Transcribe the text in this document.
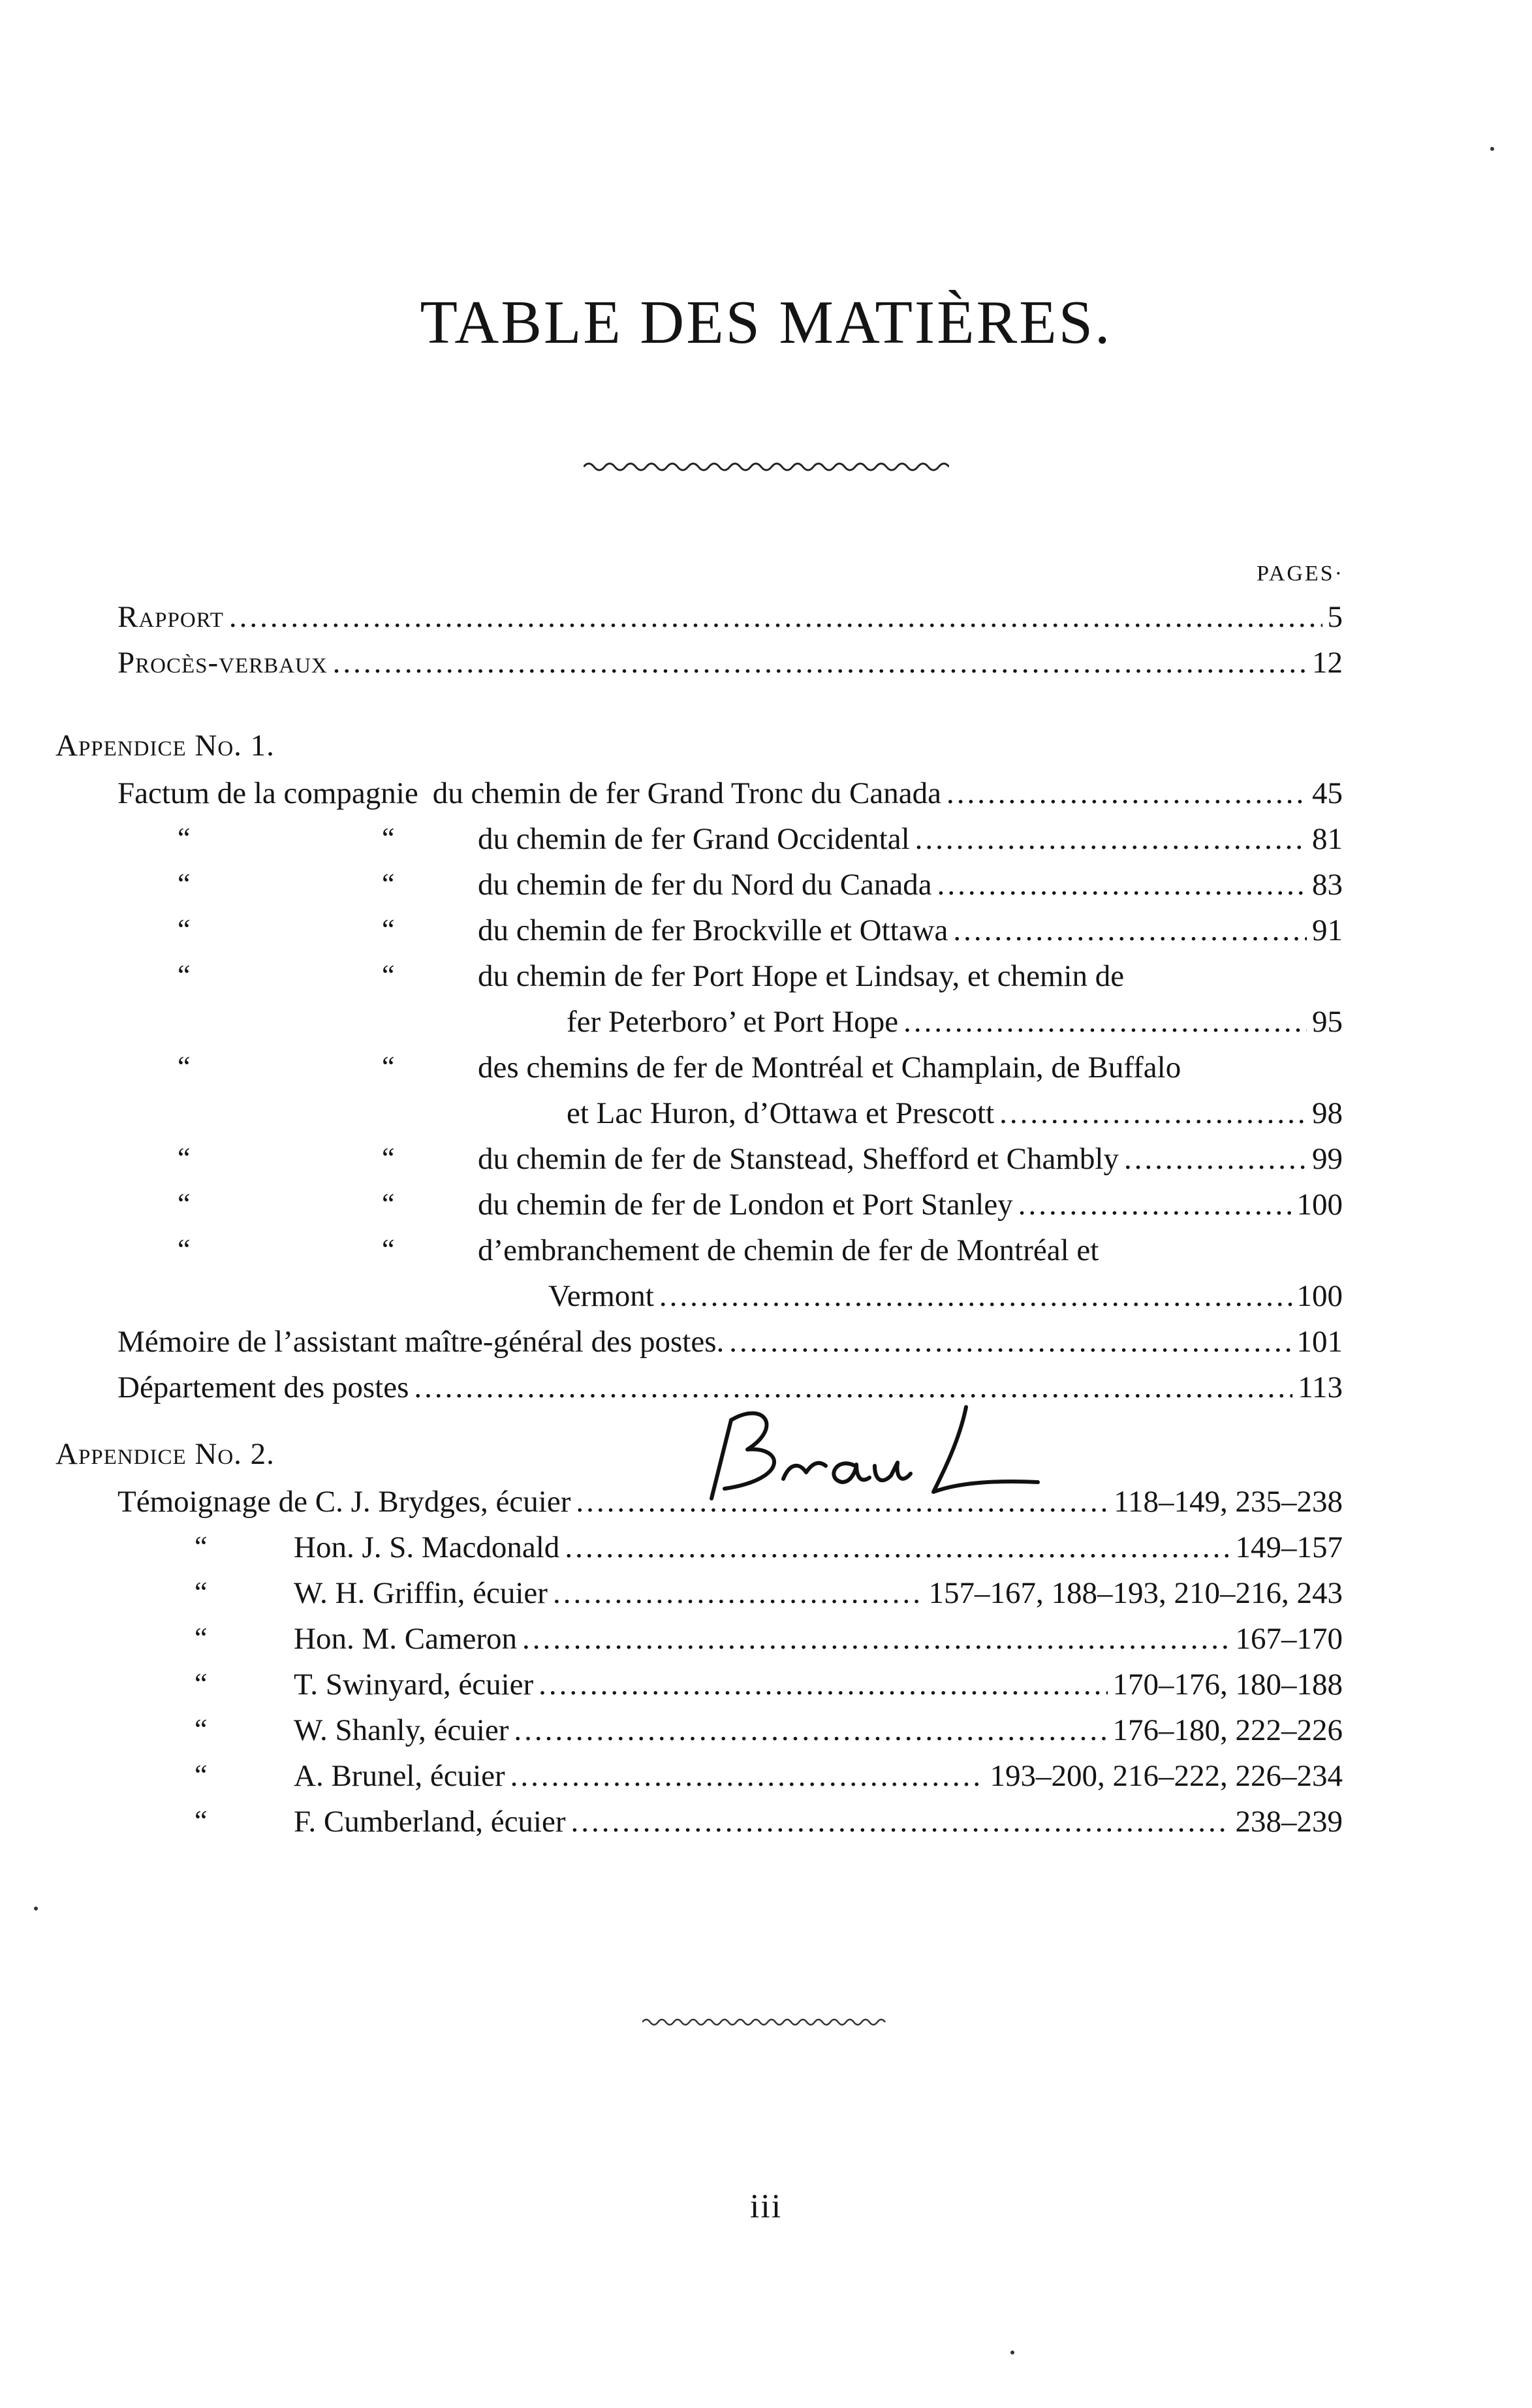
TABLE DES MATIÈRES.
PAGES·
Rapport .....	5
Procès-verbaux .....	12
Appendice No. 1.
Factum de la compagnie du chemin de fer Grand Tronc du Canada .....	45
“	“	du chemin de fer Grand Occidental .....	81
“	“	du chemin de fer du Nord du Canada .....	83
“	“	du chemin de fer Brockville et Ottawa .....	91
“	“	du chemin de fer Port Hope et Lindsay, et chemin de
fer Peterboro’ et Port Hope .....	95
“	“	des chemins de fer de Montréal et Champlain, de Buffalo
et Lac Huron, d’Ottawa et Prescott .....	98
“	“	du chemin de fer de Stanstead, Shefford et Chambly .....	99
“	“	du chemin de fer de London et Port Stanley .....	100
“	“	d’embranchement de chemin de fer de Montréal et
Vermont .....	100
Mémoire de l’assistant maître-général des postes. .....	101
Département des postes .....	113
Appendice No. 2.
Témoignage de C. J. Brydges, écuier .....	118–149, 235–238
“	Hon. J. S. Macdonald .....	149–157
“	W. H. Griffin, écuier .....	157–167, 188–193, 210–216, 243
“	Hon. M. Cameron .....	167–170
“	T. Swinyard, écuier .....	170–176, 180–188
“	W. Shanly, écuier .....	176–180, 222–226
“	A. Brunel, écuier .....	193–200, 216–222, 226–234
“	F. Cumberland, écuier .....	238–239
iii
